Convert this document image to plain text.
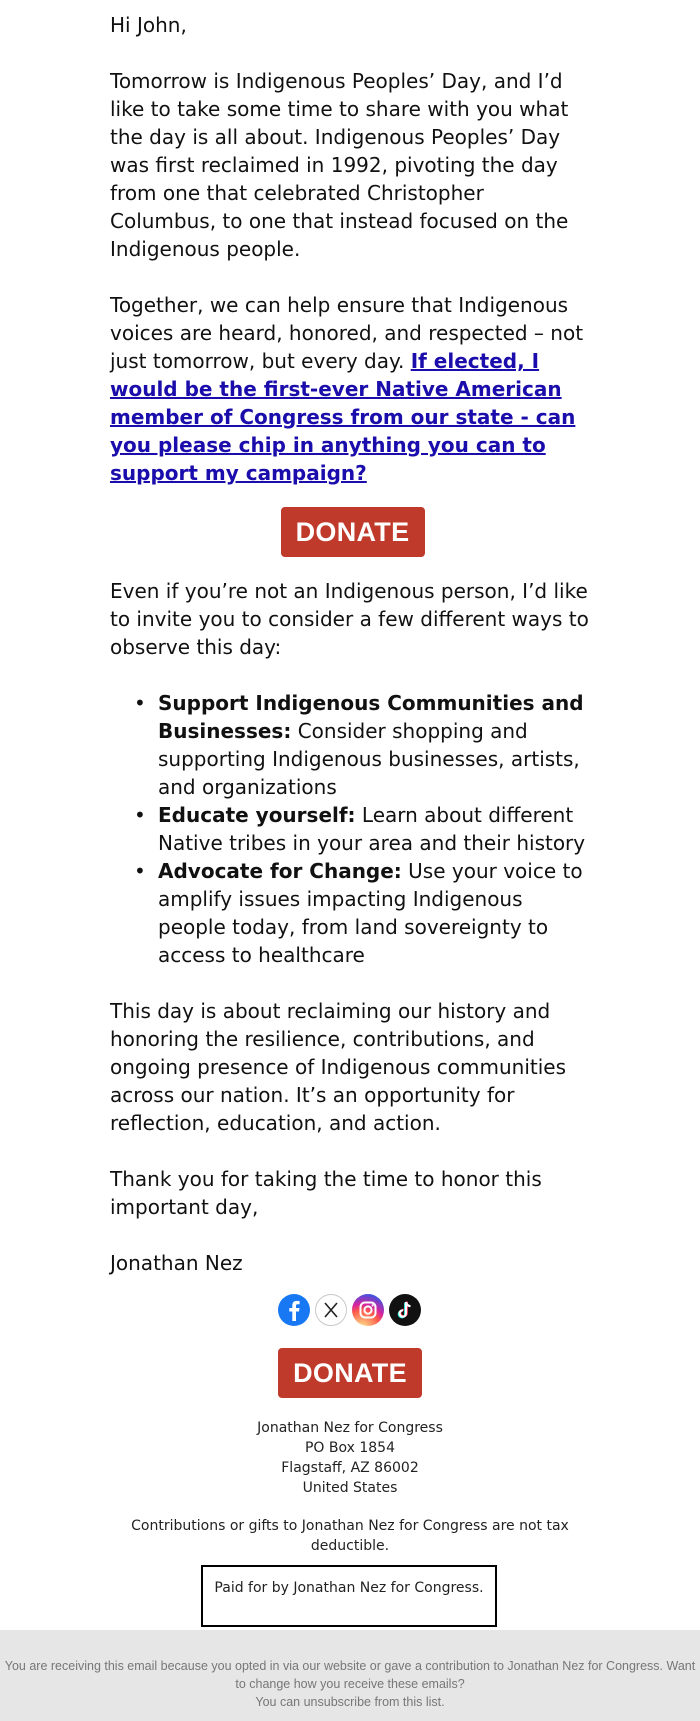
Hi John,

Tomorrow is Indigenous Peoples’ Day, and I’d like to take some time to share with you what the day is all about. Indigenous Peoples’ Day was first reclaimed in 1992, pivoting the day from one that celebrated Christopher Columbus, to one that instead focused on the Indigenous people.

Together, we can help ensure that Indigenous voices are heard, honored, and respected – not just tomorrow, but every day. If elected, I would be the first-ever Native American member of Congress from our state - can you please chip in anything you can to support my campaign?

DONATE

Even if you’re not an Indigenous person, I’d like to invite you to consider a few different ways to observe this day:

• Support Indigenous Communities and Businesses: Consider shopping and supporting Indigenous businesses, artists, and organizations
• Educate yourself: Learn about different Native tribes in your area and their history
• Advocate for Change: Use your voice to amplify issues impacting Indigenous people today, from land sovereignty to access to healthcare

This day is about reclaiming our history and honoring the resilience, contributions, and ongoing presence of Indigenous communities across our nation. It’s an opportunity for reflection, education, and action.

Thank you for taking the time to honor this important day,

Jonathan Nez

DONATE
Jonathan Nez for Congress
PO Box 1854
Flagstaff, AZ 86002
United States
Contributions or gifts to Jonathan Nez for Congress are not tax deductible.
Paid for by Jonathan Nez for Congress.
You are receiving this email because you opted in via our website or gave a contribution to Jonathan Nez for Congress. Want
to change how you receive these emails?
You can unsubscribe from this list.
